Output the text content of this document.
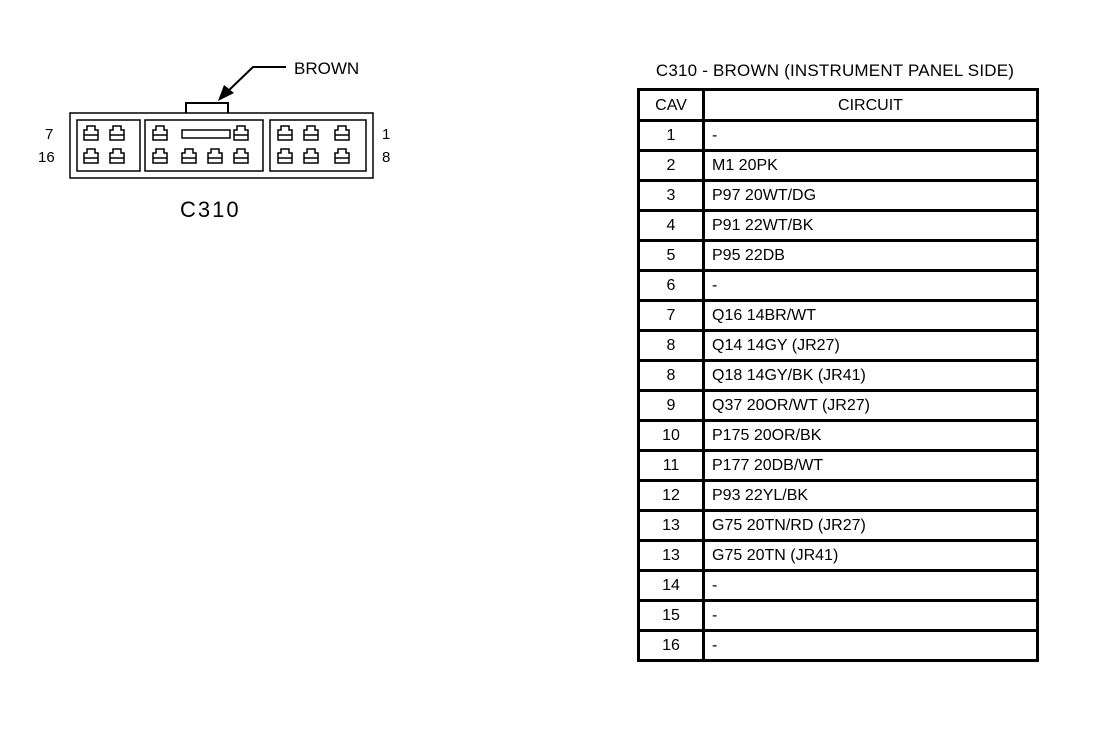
BROWN
7
16
1
8
C310
C310 - BROWN (INSTRUMENT PANEL SIDE)
CAV	CIRCUIT
1	-
2	M1 20PK
3	P97 20WT/DG
4	P91 22WT/BK
5	P95 22DB
6	-
7	Q16 14BR/WT
8	Q14 14GY (JR27)
8	Q18 14GY/BK (JR41)
9	Q37 20OR/WT (JR27)
10	P175 20OR/BK
11	P177 20DB/WT
12	P93 22YL/BK
13	G75 20TN/RD (JR27)
13	G75 20TN (JR41)
14	-
15	-
16	-
